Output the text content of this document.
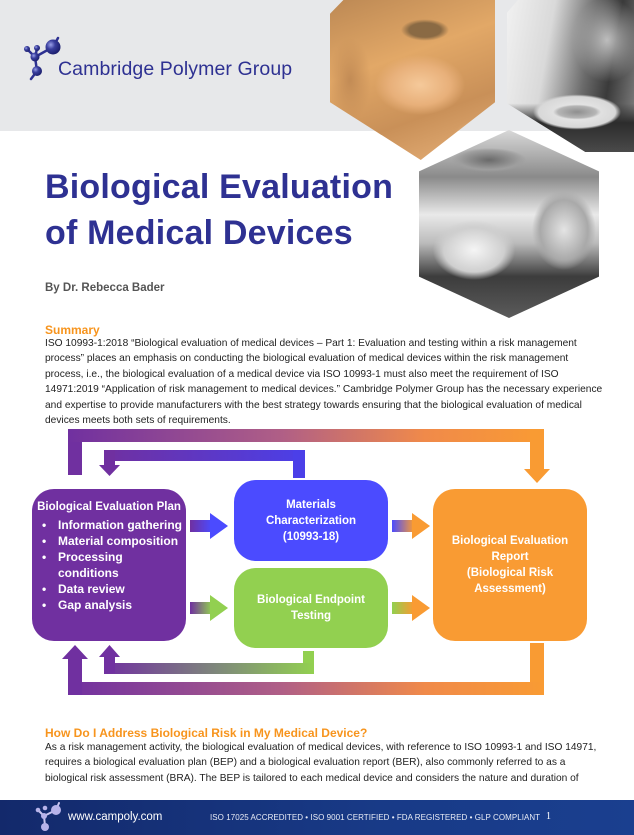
Cambridge Polymer Group
Biological Evaluation
of Medical Devices
By Dr. Rebecca Bader
Summary

ISO 10993-1:2018 “Biological evaluation of medical devices – Part 1: Evaluation and testing within a risk management process” places an emphasis on conducting the biological evaluation of medical devices within the risk management process, i.e., the biological evaluation of a medical device via ISO 10993-1 must also meet the requirement of ISO 14971:2019 “Application of risk management to medical devices.” Cambridge Polymer Group has the necessary experience and expertise to provide manufacturers with the best strategy towards ensuring that the biological evaluation of medical devices meets both sets of requirements.

Biological Evaluation Plan
• Information gathering
• Material composition
• Processing conditions
• Data review
• Gap analysis
Materials
Characterization
(10993-18)
Biological Endpoint
Testing
Biological Evaluation
Report
(Biological Risk
Assessment)
How Do I Address Biological Risk in My Medical Device?

As a risk management activity, the biological evaluation of medical devices, with reference to ISO 10993-1 and ISO 14971, requires a biological evaluation plan (BEP) and a biological evaluation report (BER), also commonly referred to as a biological risk assessment (BRA). The BEP is tailored to each medical device and considers the nature and duration of

www.campoly.com	ISO 17025 ACCREDITED • ISO 9001 CERTIFIED • FDA REGISTERED • GLP COMPLIANT 1
